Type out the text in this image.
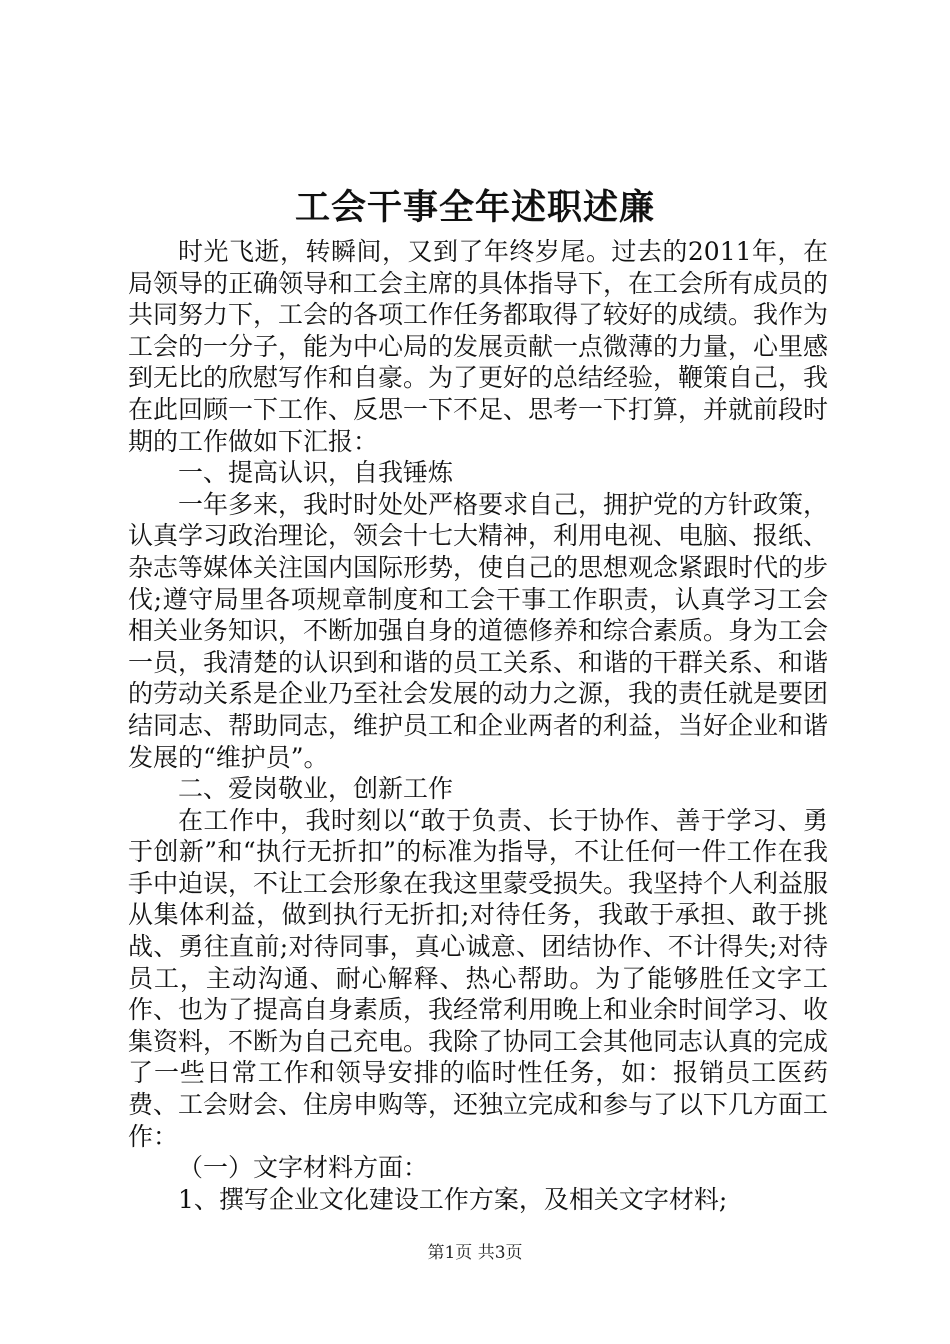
工会干事全年述职述廉

时光飞逝，转瞬间，又到了年终岁尾。过去的2011年，在局领导的正确领导和工会主席的具体指导下，在工会所有成员的共同努力下，工会的各项工作任务都取得了较好的成绩。我作为工会的一分子，能为中心局的发展贡献一点微薄的力量，心里感到无比的欣慰写作和自豪。为了更好的总结经验，鞭策自己，我在此回顾一下工作、反思一下不足、思考一下打算，并就前段时期的工作做如下汇报：

一、提高认识，自我锤炼

一年多来，我时时处处严格要求自己，拥护党的方针政策，认真学习政治理论，领会十七大精神，利用电视、电脑、报纸、杂志等媒体关注国内国际形势，使自己的思想观念紧跟时代的步伐;遵守局里各项规章制度和工会干事工作职责，认真学习工会相关业务知识，不断加强自身的道德修养和综合素质。身为工会一员，我清楚的认识到和谐的员工关系、和谐的干群关系、和谐的劳动关系是企业乃至社会发展的动力之源，我的责任就是要团结同志、帮助同志，维护员工和企业两者的利益，当好企业和谐发展的“维护员”。

二、爱岗敬业，创新工作

在工作中，我时刻以“敢于负责、长于协作、善于学习、勇于创新”和“执行无折扣”的标准为指导，不让任何一件工作在我手中迫误，不让工会形象在我这里蒙受损失。我坚持个人利益服从集体利益，做到执行无折扣;对待任务，我敢于承担、敢于挑战、勇往直前;对待同事，真心诚意、团结协作、不计得失;对待员工，主动沟通、耐心解释、热心帮助。为了能够胜任文字工作、也为了提高自身素质，我经常利用晚上和业余时间学习、收集资料，不断为自己充电。我除了协同工会其他同志认真的完成了一些日常工作和领导安排的临时性任务，如：报销员工医药费、工会财会、住房申购等，还独立完成和参与了以下几方面工作：

（一）文字材料方面：

1、撰写企业文化建设工作方案，及相关文字材料;

第1页 共3页
